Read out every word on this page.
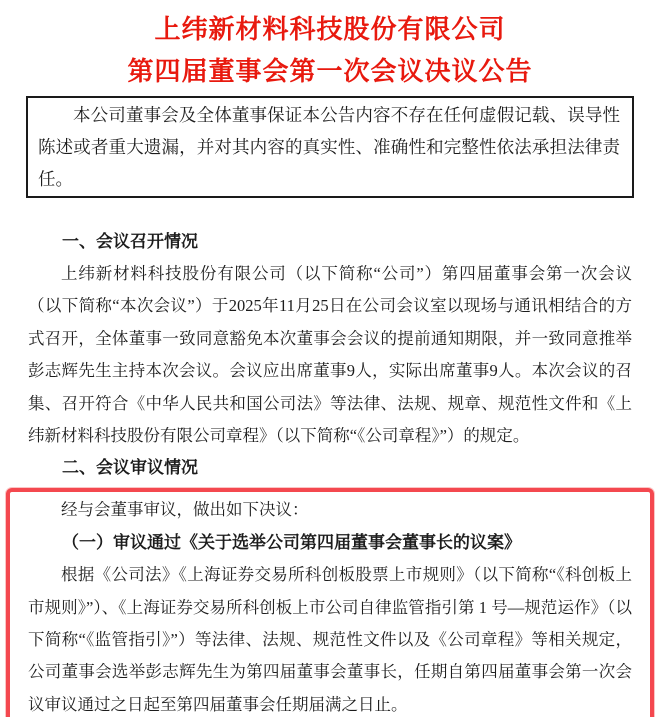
上纬新材料科技股份有限公司
第四届董事会第一次会议决议公告

本公司董事会及全体董事保证本公告内容不存在任何虚假记载、误导性陈述或者重大遗漏，并对其内容的真实性、准确性和完整性依法承担法律责任。

一、会议召开情况

上纬新材料科技股份有限公司（以下简称“公司”）第四届董事会第一次会议（以下简称“本次会议”）于2025年11月25日在公司会议室以现场与通讯相结合的方式召开，全体董事一致同意豁免本次董事会会议的提前通知期限，并一致同意推举彭志辉先生主持本次会议。会议应出席董事9人，实际出席董事9人。本次会议的召集、召开符合《中华人民共和国公司法》等法律、法规、规章、规范性文件和《上纬新材料科技股份有限公司章程》（以下简称“《公司章程》”）的规定。

二、会议审议情况

经与会董事审议，做出如下决议：

（一）审议通过《关于选举公司第四届董事会董事长的议案》

根据《公司法》《上海证券交易所科创板股票上市规则》（以下简称“《科创板上市规则》”）、《上海证券交易所科创板上市公司自律监管指引第 1 号—规范运作》（以下简称“《监管指引》”）等法律、法规、规范性文件以及《公司章程》等相关规定，公司董事会选举彭志辉先生为第四届董事会董事长，任期自第四届董事会第一次会议审议通过之日起至第四届董事会任期届满之日止。
